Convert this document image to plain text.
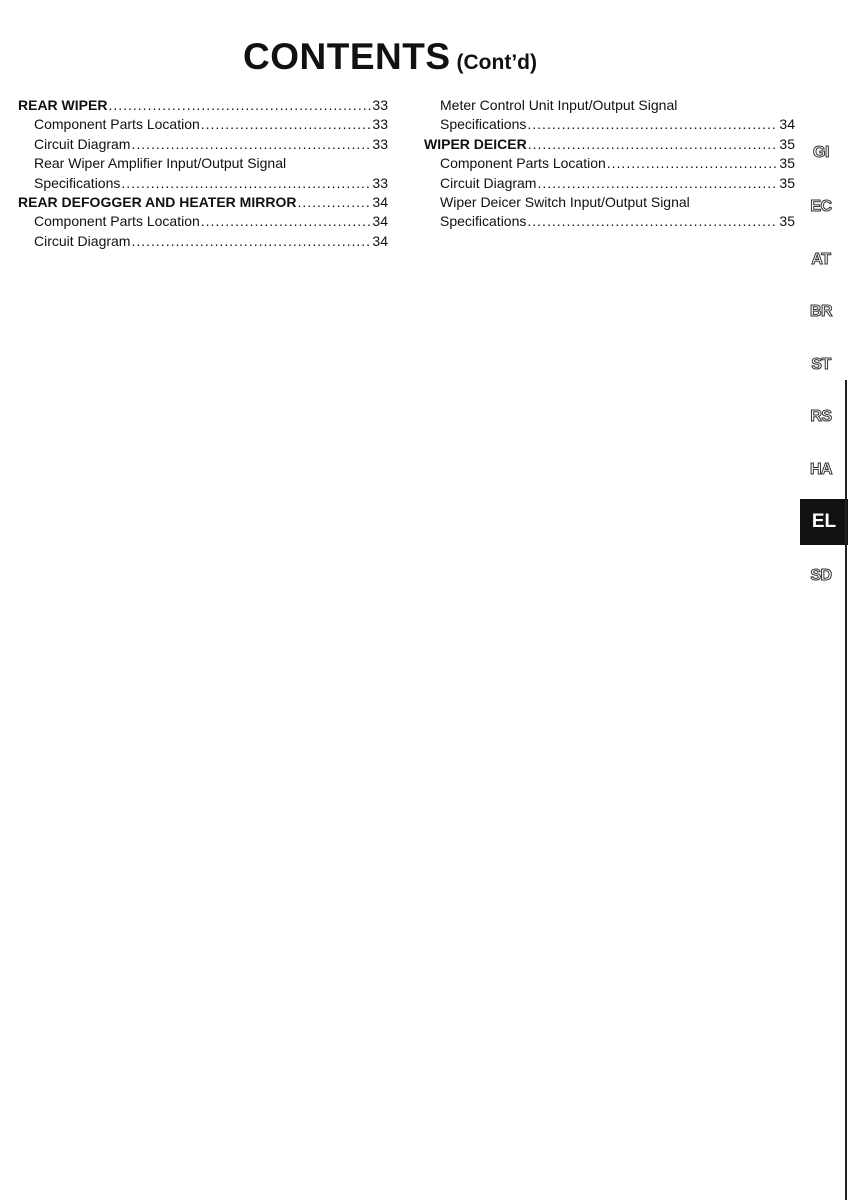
CONTENTS (Cont’d)
REAR WIPER .....	33
Component Parts Location .....	33
Circuit Diagram .....	33
Rear Wiper Amplifier Input/Output Signal
Specifications .....	33
REAR DEFOGGER AND HEATER MIRROR .....	34
Component Parts Location .....	34
Circuit Diagram .....	34
Meter Control Unit Input/Output Signal
Specifications .....	34
WIPER DEICER .....	35
Component Parts Location .....	35
Circuit Diagram .....	35
Wiper Deicer Switch Input/Output Signal
Specifications .....	35
GI
EC
AT
BR
ST
RS
HA
EL
SD
